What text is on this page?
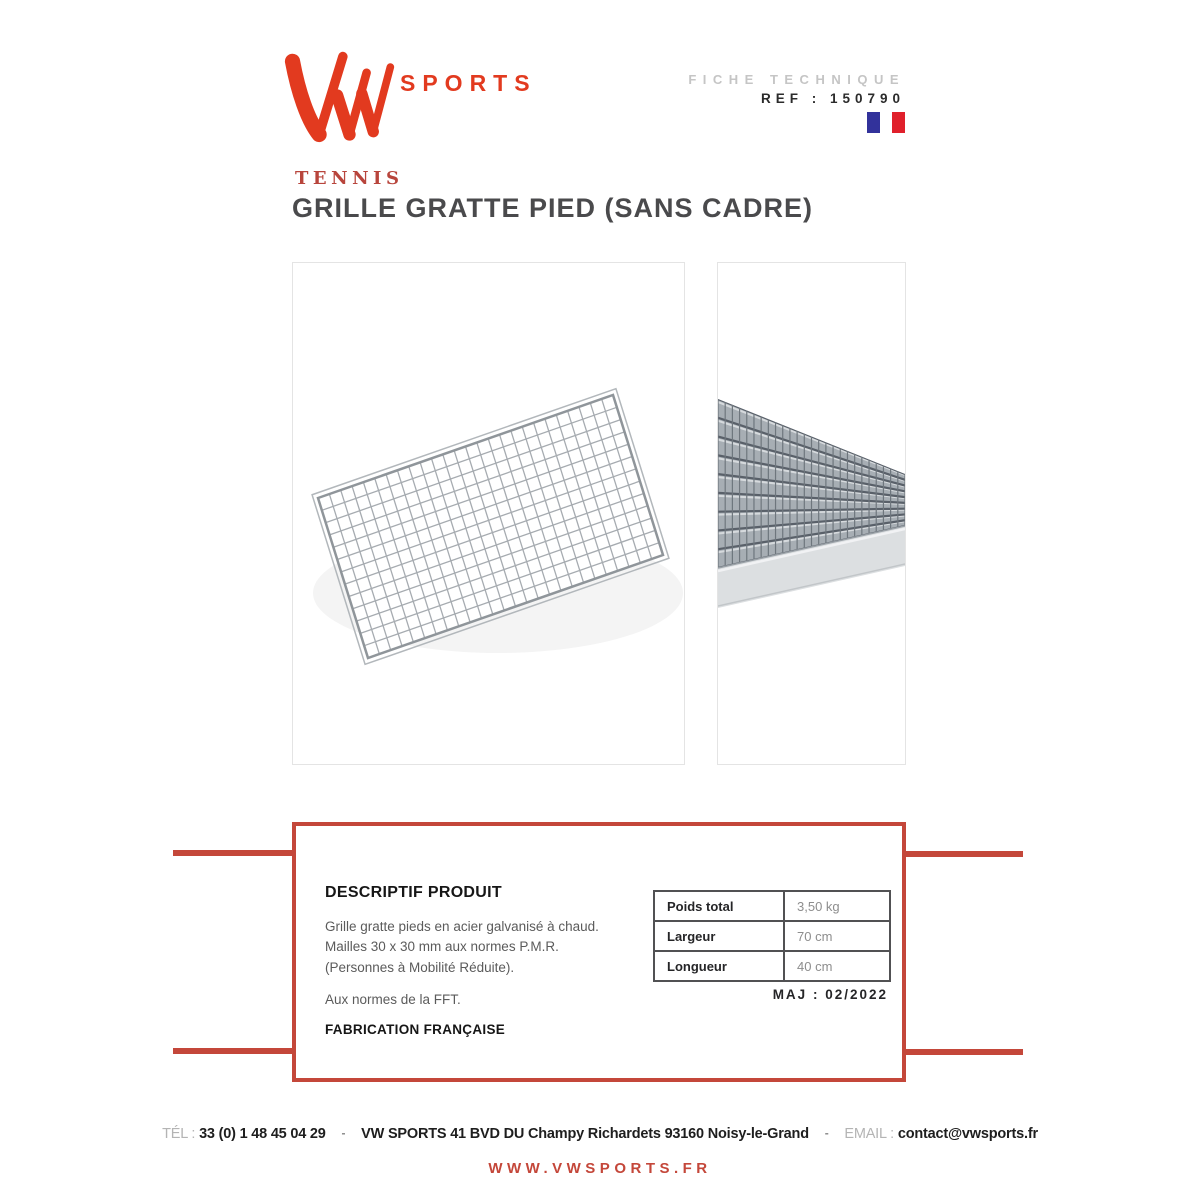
SPORTS	FICHE TECHNIQUE
REF : 150790
TENNIS
GRILLE GRATTE PIED (SANS CADRE)
DESCRIPTIF PRODUIT
Grille gratte pieds en acier galvanisé à chaud.
Mailles 30 x 30 mm aux normes P.M.R.
(Personnes à Mobilité Réduite).
Aux normes de la FFT.
FABRICATION FRANÇAISE
Poids total	3,50 kg
Largeur	70 cm
Longueur	40 cm
MAJ : 02/2022
TÉL : 33 (0) 1 48 45 04 29 - VW SPORTS 41 BVD DU Champy Richardets 93160 Noisy-le-Grand - EMAIL : contact@vwsports.fr
WWW.VWSPORTS.FR
